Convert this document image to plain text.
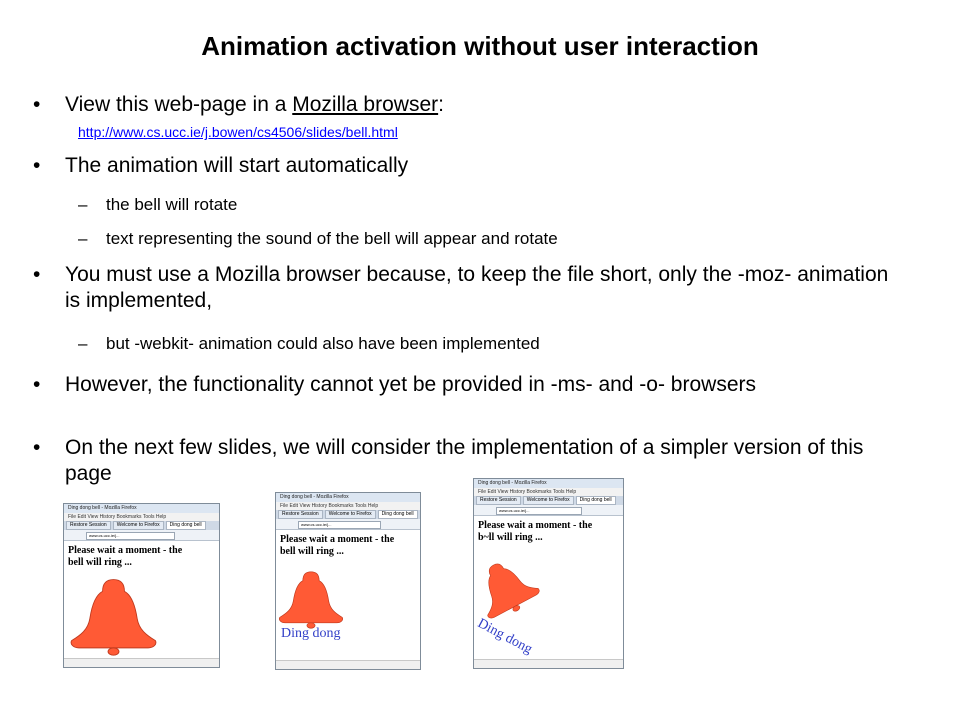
Animation activation without user interaction
• View this web-page in a Mozilla browser:
http://www.cs.ucc.ie/j.bowen/cs4506/slides/bell.html
• The animation will start automatically
– the bell will rotate
– text representing the sound of the bell will appear and rotate
• You must use a Mozilla browser because, to keep the file short, only the -moz- animation is implemented,
– but -webkit- animation could also have been implemented
• However, the functionality cannot yet be provided in -ms- and -o- browsers
• On the next few slides, we will consider the implementation of a simpler version of this page
Ding dong bell - Mozilla Firefox
File Edit View History Bookmarks Tools Help
Restore Session Welcome to Firefox Ding dong bell
www.cs.ucc.ie/j...
Please wait a moment - the
bell will ring ...
Ding dong bell - Mozilla Firefox
File Edit View History Bookmarks Tools Help
Restore Session Welcome to Firefox Ding dong bell
www.cs.ucc.ie/j...
Please wait a moment - the
bell will ring ...
Ding dong
Ding dong bell - Mozilla Firefox
File Edit View History Bookmarks Tools Help
Restore Session Welcome to Firefox Ding dong bell
www.cs.ucc.ie/j...
Please wait a moment - the
b~ll will ring ...
Ding dong
